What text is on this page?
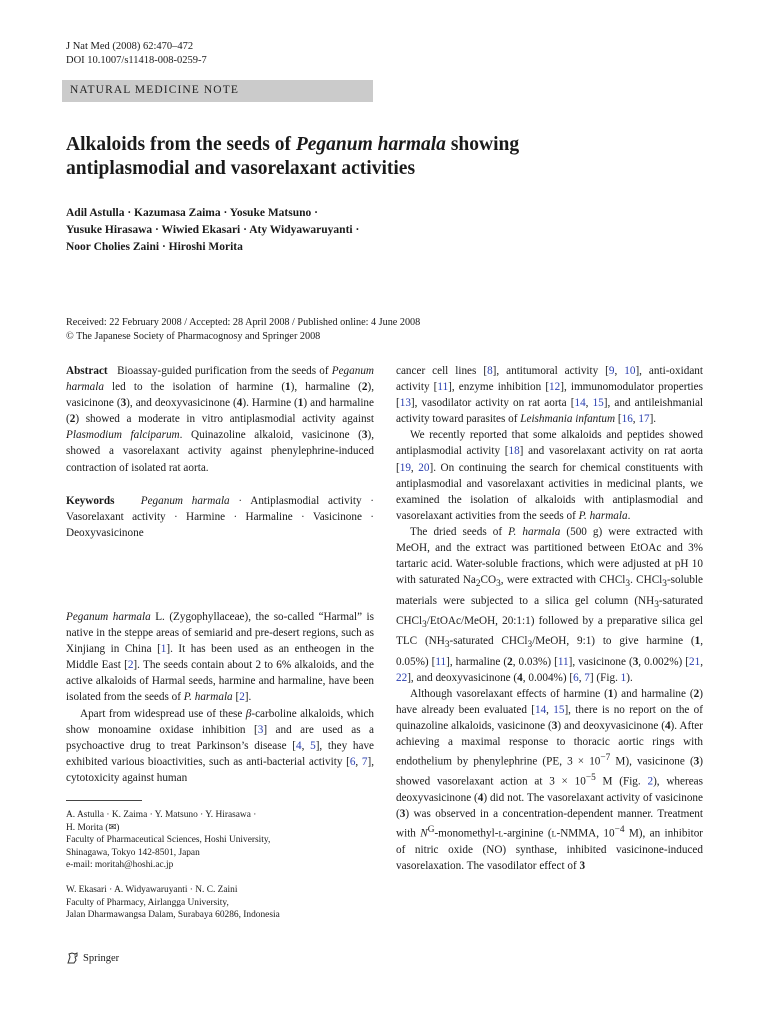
J Nat Med (2008) 62:470–472
DOI 10.1007/s11418-008-0259-7
NATURAL MEDICINE NOTE
Alkaloids from the seeds of Peganum harmala showing
antiplasmodial and vasorelaxant activities
Adil Astulla · Kazumasa Zaima · Yosuke Matsuno ·
Yusuke Hirasawa · Wiwied Ekasari · Aty Widyawaruyanti ·
Noor Cholies Zaini · Hiroshi Morita
Received: 22 February 2008 / Accepted: 28 April 2008 / Published online: 4 June 2008
© The Japanese Society of Pharmacognosy and Springer 2008

Abstract Bioassay-guided purification from the seeds of Peganum harmala led to the isolation of harmine (1), harmaline (2), vasicinone (3), and deoxyvasicinone (4). Harmine (1) and harmaline (2) showed a moderate in vitro antiplasmodial activity against Plasmodium falciparum. Quinazoline alkaloid, vasicinone (3), showed a vasorelaxant activity against phenylephrine-induced contraction of isolated rat aorta.

Keywords Peganum harmala · Antiplasmodial activity · Vasorelaxant activity · Harmine · Harmaline · Vasicinone · Deoxyvasicinone

Peganum harmala L. (Zygophyllaceae), the so-called “Harmal” is native in the steppe areas of semiarid and pre-desert regions, such as Xinjiang in China [1]. It has been used as an entheogen in the Middle East [2]. The seeds contain about 2 to 6% alkaloids, and the active alkaloids of Harmal seeds, harmine and harmaline, have been isolated from the seeds of P. harmala [2].

Apart from widespread use of these β-carboline alkaloids, which show monoamine oxidase inhibition [3] and are used as a psychoactive drug to treat Parkinson’s disease [4, 5], they have exhibited various bioactivities, such as anti-bacterial activity [6, 7], cytotoxicity against human

cancer cell lines [8], antitumoral activity [9, 10], anti-oxidant activity [11], enzyme inhibition [12], immunomodulator properties [13], vasodilator activity on rat aorta [14, 15], and antileishmanial activity toward parasites of Leishmania infantum [16, 17].

We recently reported that some alkaloids and peptides showed antiplasmodial activity [18] and vasorelaxant activity on rat aorta [19, 20]. On continuing the search for chemical constituents with antiplasmodial and vasorelaxant activities in medicinal plants, we examined the isolation of alkaloids with antiplasmodial and vasorelaxant activities from the seeds of P. harmala.

The dried seeds of P. harmala (500 g) were extracted with MeOH, and the extract was partitioned between EtOAc and 3% tartaric acid. Water-soluble fractions, which were adjusted at pH 10 with saturated $Na_2CO_3$, were extracted with CHCl$_3$. CHCl$_3$-soluble materials were subjected to a silica gel column ($NH_3$-saturated CHCl$_3$/EtOAc/MeOH, 20:1:1) followed by a preparative silica gel TLC ($NH_3$-saturated CHCl$_3$/MeOH, 9:1) to give harmine (1, 0.05%) [11], harmaline (2, 0.03%) [11], vasicinone (3, 0.002%) [21, 22], and deoxyvasicinone (4, 0.004%) [6, 7] (Fig. 1).

Although vasorelaxant effects of harmine (1) and harmaline (2) have already been evaluated [14, 15], there is no report on the of quinazoline alkaloids, vasicinone (3) and deoxyvasicinone (4). After achieving a maximal response to thoracic aortic rings with endothelium by phenylephrine (PE, $3 \times 10^{-7}$ M), vasicinone (3) showed vasorelaxant action at $3 \times 10^{-5}$ M (Fig. 2), whereas deoxyvasicinone (4) did not. The vasorelaxant activity of vasicinone (3) was observed in a concentration-dependent manner. Treatment with $N^G-monomethyl-l$-arginine (l-NMMA, $10^{-4}$ M), an inhibitor of nitric oxide (NO) synthase, inhibited vasicinone-induced vasorelaxation. The vasodilator effect of 3

A. Astulla · K. Zaima · Y. Matsuno · Y. Hirasawa ·
H. Morita (✉)
Faculty of Pharmaceutical Sciences, Hoshi University,
Shinagawa, Tokyo 142-8501, Japan
e-mail: moritah@hoshi.ac.jp
W. Ekasari · A. Widyawaruyanti · N. C. Zaini
Faculty of Pharmacy, Airlangga University,
Jalan Dharmawangsa Dalam, Surabaya 60286, Indonesia
Springer
